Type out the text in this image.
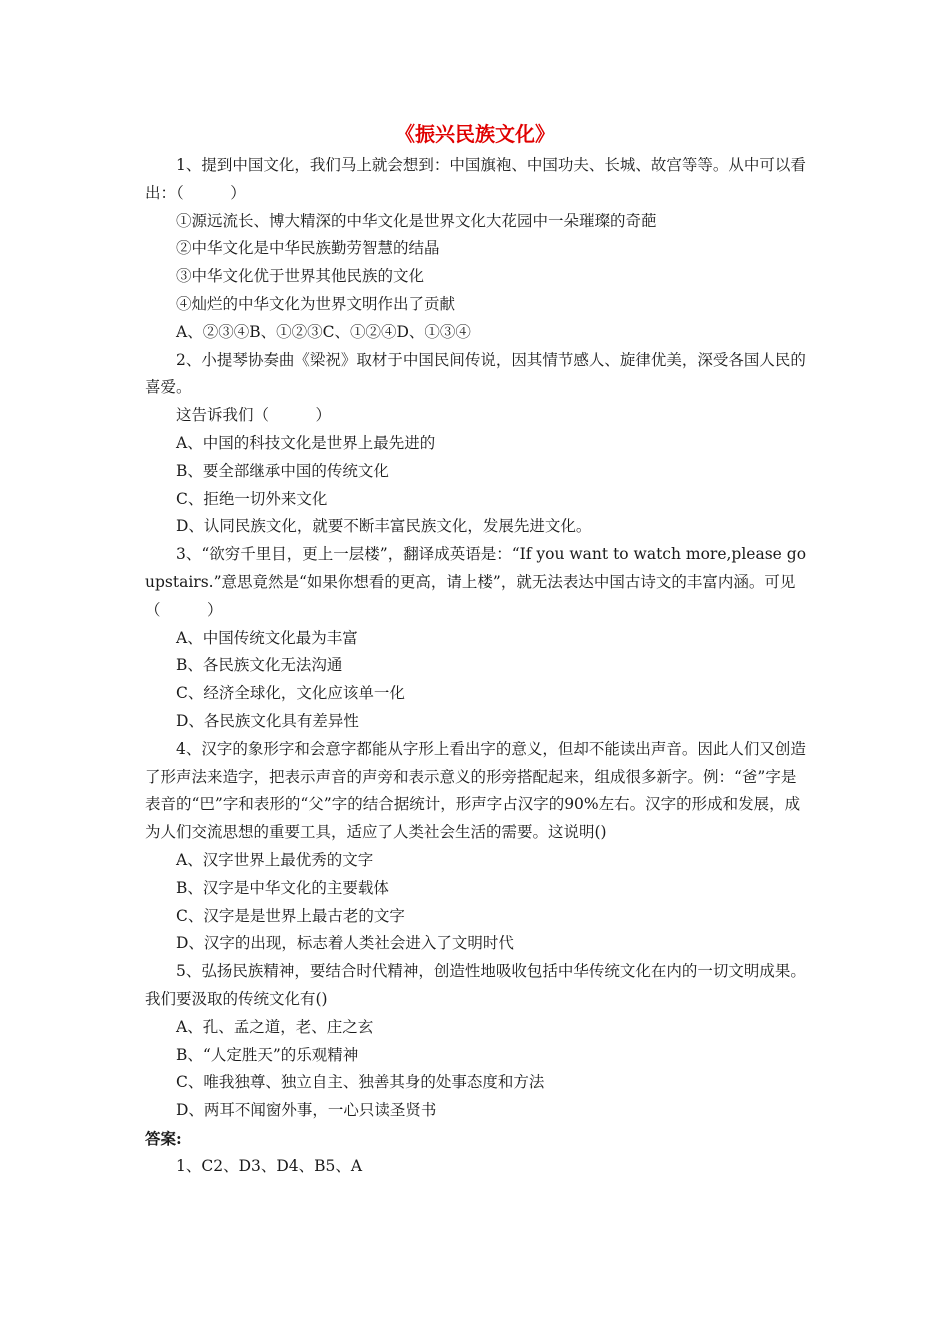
《振兴民族文化》

1、提到中国文化，我们马上就会想到：中国旗袍、中国功夫、长城、故宫等等。从中可以看出：（　　　）

①源远流长、博大精深的中华文化是世界文化大花园中一朵璀璨的奇葩

②中华文化是中华民族勤劳智慧的结晶

③中华文化优于世界其他民族的文化

④灿烂的中华文化为世界文明作出了贡献

A、②③④B、①②③C、①②④D、①③④

2、小提琴协奏曲《梁祝》取材于中国民间传说，因其情节感人、旋律优美，深受各国人民的喜爱。

这告诉我们（　　　）

A、中国的科技文化是世界上最先进的

B、要全部继承中国的传统文化

C、拒绝一切外来文化

D、认同民族文化，就要不断丰富民族文化，发展先进文化。

3、“欲穷千里目，更上一层楼”，翻译成英语是：“If you want to watch more,please go upstairs.”意思竟然是“如果你想看的更高，请上楼”，就无法表达中国古诗文的丰富内涵。可见（　　　）

A、中国传统文化最为丰富

B、各民族文化无法沟通

C、经济全球化，文化应该单一化

D、各民族文化具有差异性

4、汉字的象形字和会意字都能从字形上看出字的意义，但却不能读出声音。因此人们又创造了形声法来造字，把表示声音的声旁和表示意义的形旁搭配起来，组成很多新字。例：“爸”字是表音的“巴”字和表形的“父”字的结合据统计，形声字占汉字的90%左右。汉字的形成和发展，成为人们交流思想的重要工具，适应了人类社会生活的需要。这说明()

A、汉字世界上最优秀的文字

B、汉字是中华文化的主要载体

C、汉字是是世界上最古老的文字

D、汉字的出现，标志着人类社会进入了文明时代

5、弘扬民族精神，要结合时代精神，创造性地吸收包括中华传统文化在内的一切文明成果。我们要汲取的传统文化有()

A、孔、孟之道，老、庄之玄

B、“人定胜天”的乐观精神

C、唯我独尊、独立自主、独善其身的处事态度和方法

D、两耳不闻窗外事，一心只读圣贤书

答案:

1、C2、D3、D4、B5、A
